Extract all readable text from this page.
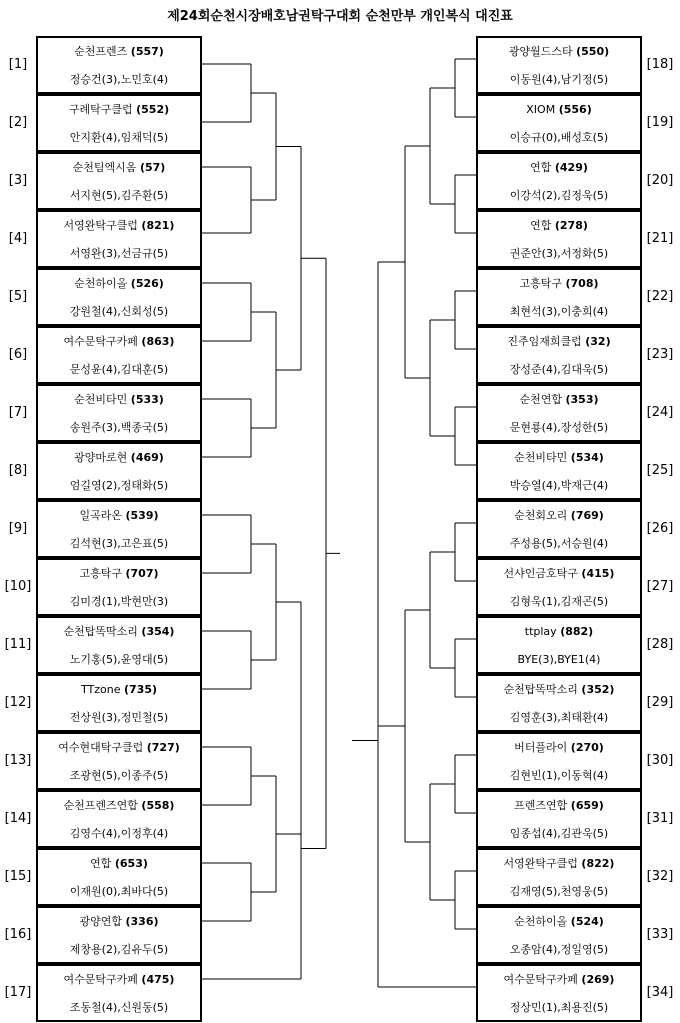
제24회순천시장배호남권탁구대회 순천만부 개인복식 대진표
[1]
순천프렌즈 (557)
정승건(3),노민호(4)
[2]
구례탁구클럽 (552)
안지환(4),임채덕(5)
[3]
순천팀엑시옴 (57)
서지현(5),김주환(5)
[4]
서영완탁구클럽 (821)
서영완(3),선금규(5)
[5]
순천하이올 (526)
강원철(4),신회성(5)
[6]
여수문탁구카페 (863)
문성윤(4),김대훈(5)
[7]
순천비타민 (533)
송원주(3),백종국(5)
[8]
광양마로현 (469)
엄길영(2),정태화(5)
[9]
일곡라온 (539)
김석현(3),고은표(5)
[10]
고흥탁구 (707)
김미경(1),박현만(3)
[11]
순천탑똑딱소리 (354)
노기홍(5),윤영대(5)
[12]
TTzone (735)
전상원(3),정민철(5)
[13]
여수현대탁구클럽 (727)
조광현(5),이종주(5)
[14]
순천프렌즈연합 (558)
김영수(4),이정후(4)
[15]
연합 (653)
이재원(0),최바다(5)
[16]
광양연합 (336)
제창용(2),김유두(5)
[17]
여수문탁구카페 (475)
조동철(4),신원동(5)
[18]
광양월드스타 (550)
이동원(4),남기정(5)
[19]
XIOM (556)
이승규(0),배성호(5)
[20]
연합 (429)
이강석(2),김정욱(5)
[21]
연합 (278)
권준안(3),서정화(5)
[22]
고흥탁구 (708)
최현석(3),이충희(4)
[23]
진주임재희클럽 (32)
장성준(4),김대욱(5)
[24]
순천연합 (353)
문현룡(4),장성한(5)
[25]
순천비타민 (534)
박승열(4),박재근(4)
[26]
순천회오리 (769)
주성용(5),서승원(4)
[27]
선샤인금호탁구 (415)
김형욱(1),김재곤(5)
[28]
ttplay (882)
BYE(3),BYE1(4)
[29]
순천탑똑딱소리 (352)
김영훈(3),최태환(4)
[30]
버터플라이 (270)
김현빈(1),이동혁(4)
[31]
프렌즈연합 (659)
임종섭(4),김관욱(5)
[32]
서영완탁구클럽 (822)
김재영(5),천영웅(5)
[33]
순천하이올 (524)
오종암(4),정일영(5)
[34]
여수문탁구카페 (269)
정상민(1),최용진(5)
